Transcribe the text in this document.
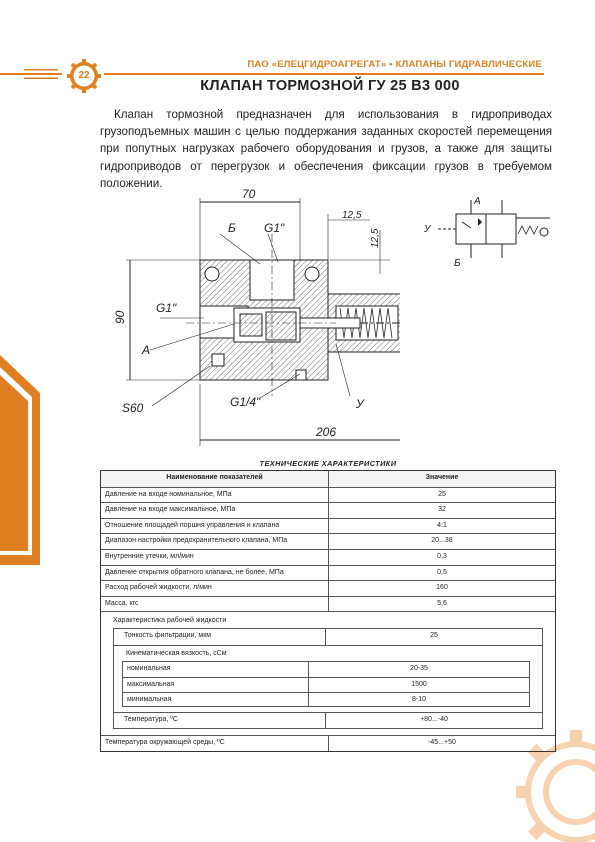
22
ПАО «ЕЛЕЦГИДРОАГРЕГАТ» • КЛАПАНЫ ГИДРАВЛИЧЕСКИЕ
КЛАПАН ТОРМОЗНОЙ ГУ 25 В3 000
Клапан тормозной предназначен для использования в гидроприводах грузоподъемных машин с целью поддержания заданных скоростей перемещения при попутных нагрузках рабочего оборудования и грузов, а также для защиты гидроприводов от перегрузок и обеспечения фиксации грузов в требуемом положении.
КЛАПАНЫ
70
Б G1"
12,5
12,5
90
G1"
А
S60	G1/4"	У
206
А
У
Б
ТЕХНИЧЕСКИЕ ХАРАКТЕРИСТИКИ
Наименование показателей	Значение
Давление на входе номинальное, МПа	25
Давление на входе максимальное, МПа	32
Отношение площадей поршня управления и клапана	4:1
Диапазон настройки предохранительного клапана, МПа	20...38
Внутренние утечки, мл/мин	0,3
Давление открытия обратного клапана, не более, МПа	0,5
Расход рабочей жидкости, л/мин	160
Масса, кгс	5,6
Характеристика рабочей жидкости
Тонкость фильтрации, мкм	25
Кинематическая вязкость, сСм
номинальная	20-35
максимальная	1500
минимальная	8-10
Температура, ºС	+80...-40
Температура окружающей среды, ºС	-45...+50
